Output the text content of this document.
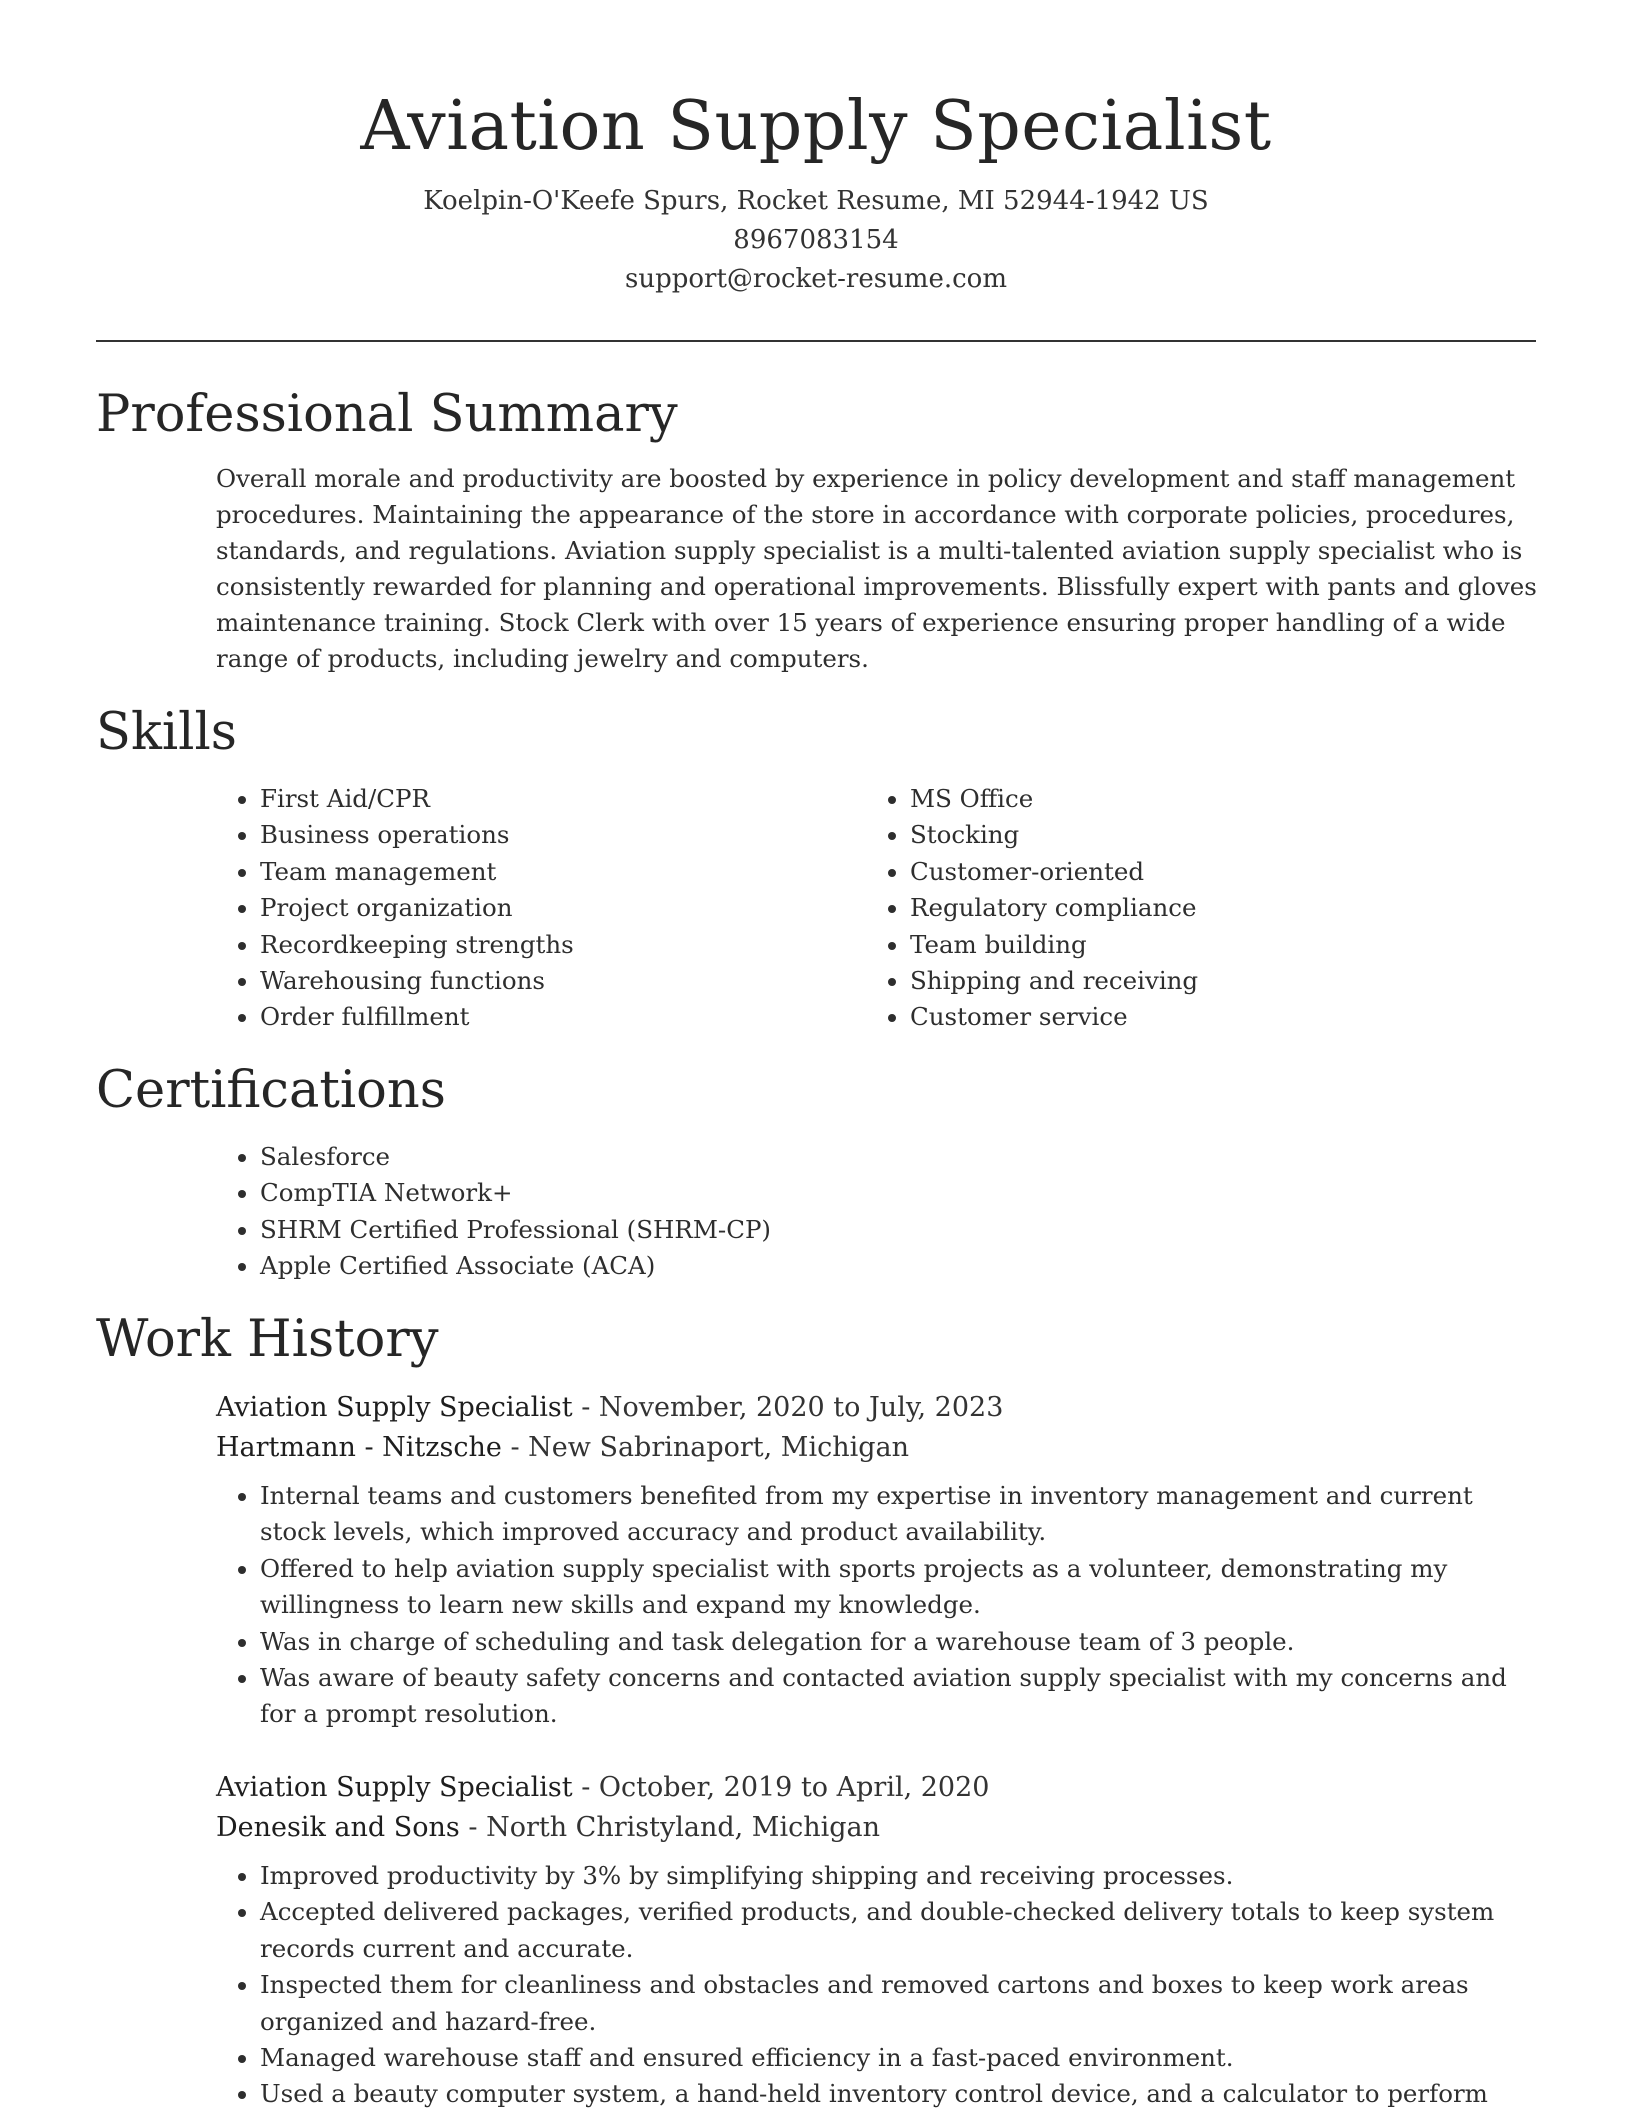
Aviation Supply Specialist
Koelpin-O'Keefe Spurs, Rocket Resume, MI 52944-1942 US
8967083154
support@rocket-resume.com
Professional Summary
Overall morale and productivity are boosted by experience in policy development and staff management procedures. Maintaining the appearance of the store in accordance with corporate policies, procedures, standards, and regulations. Aviation supply specialist is a multi-talented aviation supply specialist who is consistently rewarded for planning and operational improvements. Blissfully expert with pants and gloves maintenance training. Stock Clerk with over 15 years of experience ensuring proper handling of a wide range of products, including jewelry and computers.
Skills
• First Aid/CPR
• Business operations
• Team management
• Project organization
• Recordkeeping strengths
• Warehousing functions
• Order fulfillment
• MS Office
• Stocking
• Customer-oriented
• Regulatory compliance
• Team building
• Shipping and receiving
• Customer service
Certifications
• Salesforce
• CompTIA Network+
• SHRM Certified Professional (SHRM-CP)
• Apple Certified Associate (ACA)
Work History
Aviation Supply Specialist - November, 2020 to July, 2023
Hartmann - Nitzsche - New Sabrinaport, Michigan
• Internal teams and customers benefited from my expertise in inventory management and current stock levels, which improved accuracy and product availability.
• Offered to help aviation supply specialist with sports projects as a volunteer, demonstrating my willingness to learn new skills and expand my knowledge.
• Was in charge of scheduling and task delegation for a warehouse team of 3 people.
• Was aware of beauty safety concerns and contacted aviation supply specialist with my concerns and for a prompt resolution.
Aviation Supply Specialist - October, 2019 to April, 2020
Denesik and Sons - North Christyland, Michigan
• Improved productivity by 3% by simplifying shipping and receiving processes.
• Accepted delivered packages, verified products, and double-checked delivery totals to keep system records current and accurate.
• Inspected them for cleanliness and obstacles and removed cartons and boxes to keep work areas organized and hazard-free.
• Managed warehouse staff and ensured efficiency in a fast-paced environment.
• Used a beauty computer system, a hand-held inventory control device, and a calculator to perform
